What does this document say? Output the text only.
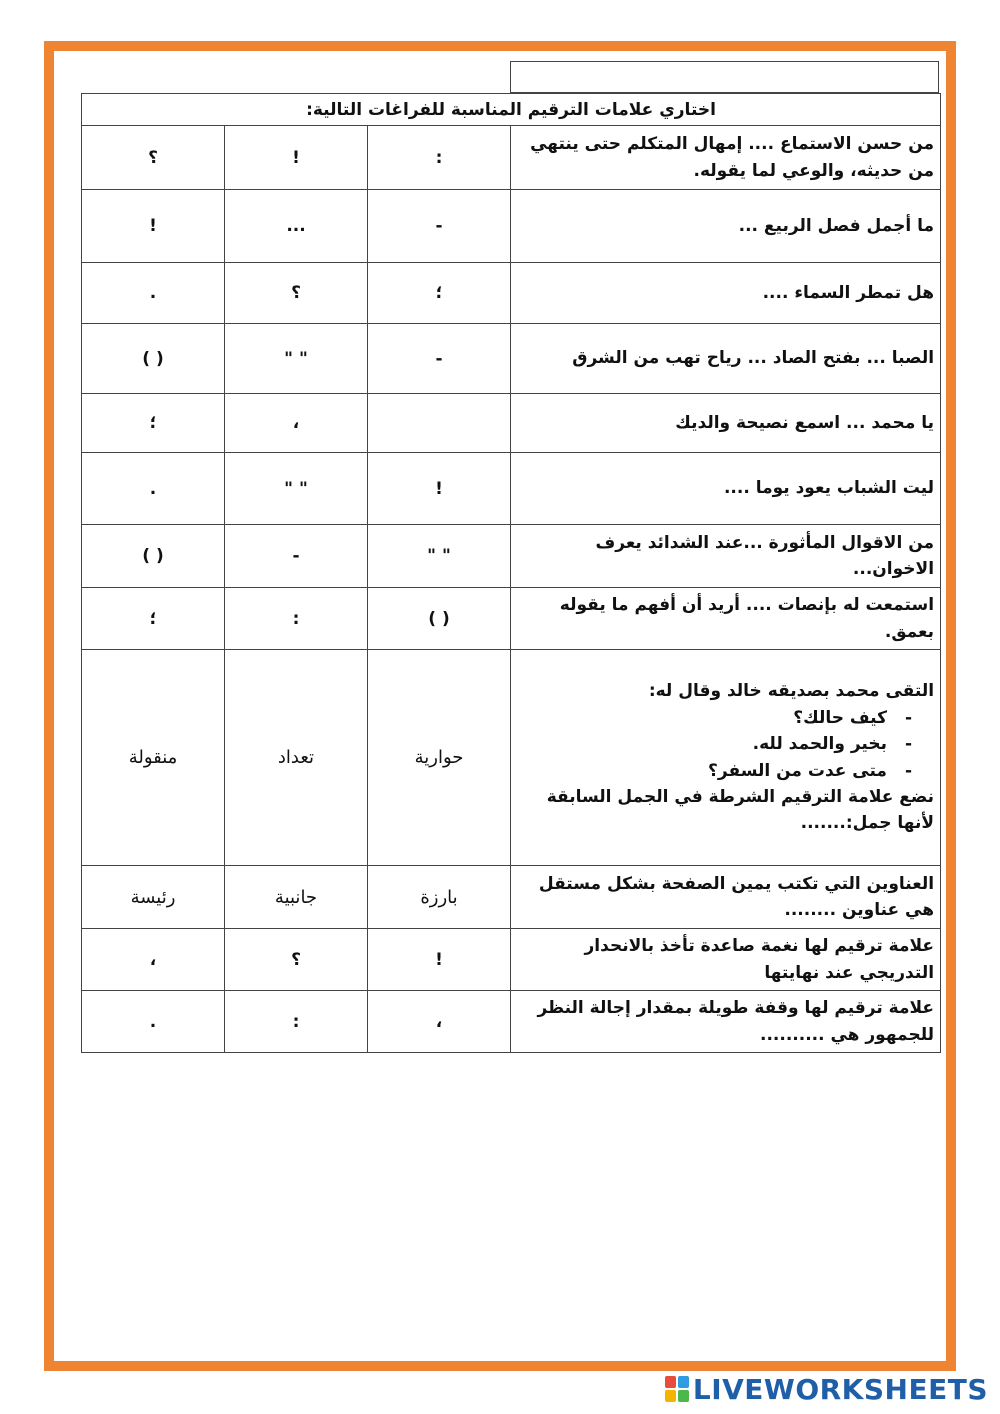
اختاري علامات الترقيم المناسبة للفراغات التالية:			
؟	!	:	من حسن الاستماع .... إمهال المتكلم حتى ينتهي من حديثه، والوعي لما يقوله.
!	...	-	ما أجمل فصل الربيع ...
.	؟	؛	هل تمطر السماء ....
( )	" "	-	الصبا ... بفتح الصاد ... رياح تهب من الشرق
؛	،		يا محمد ... اسمع نصيحة والديك
.	" "	!	ليت الشباب يعود يوما ....
( )	-	" "	من الاقوال المأثورة ...عند الشدائد يعرف الاخوان...
؛	:	( )	استمعت له بإنصات .... أريد أن أفهم ما يقوله بعمق.
منقولة	تعداد	حوارية	التقى محمد بصديقه خالد وقال له:
- كيف حالك؟
- بخير والحمد لله.
- متى عدت من السفر؟
نضع علامة الترقيم الشرطة في الجمل السابقة لأنها جمل:.......

رئيسة	جانبية	بارزة	العناوين التي تكتب يمين الصفحة بشكل مستقل هي عناوين ........
،	؟	!	علامة ترقيم لها نغمة صاعدة تأخذ بالانحدار التدريجي عند نهايتها
.	:	،	علامة ترقيم لها وقفة طويلة بمقدار إجالة النظر للجمهور هي ..........
LIVEWORKSHEETS
